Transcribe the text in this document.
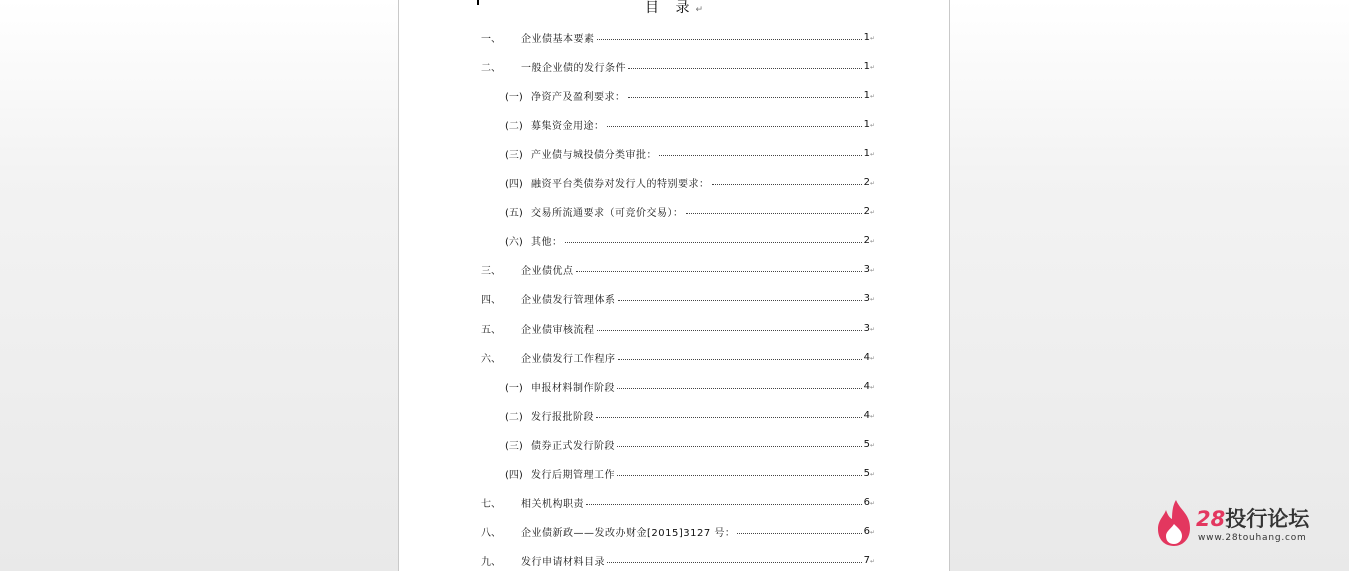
目 录↵
一、	企业债基本要素	1 ↵
二、	一般企业债的发行条件	1 ↵
(一) 净资产及盈利要求：	1 ↵
(二) 募集资金用途：	1 ↵
(三) 产业债与城投债分类审批：	1 ↵
(四) 融资平台类债券对发行人的特别要求：	2 ↵
(五) 交易所流通要求（可竞价交易）：	2 ↵
(六) 其他：	2 ↵
三、	企业债优点	3 ↵
四、	企业债发行管理体系	3 ↵
五、	企业债审核流程	3 ↵
六、	企业债发行工作程序	4 ↵
(一) 申报材料制作阶段	4 ↵
(二) 发行报批阶段	4 ↵
(三) 债券正式发行阶段	5 ↵
(四) 发行后期管理工作	5 ↵
七、	相关机构职责	6 ↵
八、	企业债新政——发改办财金[2015]3127 号：	6 ↵
九、	发行申请材料目录	7 ↵
28投行论坛
www.28touhang.com
